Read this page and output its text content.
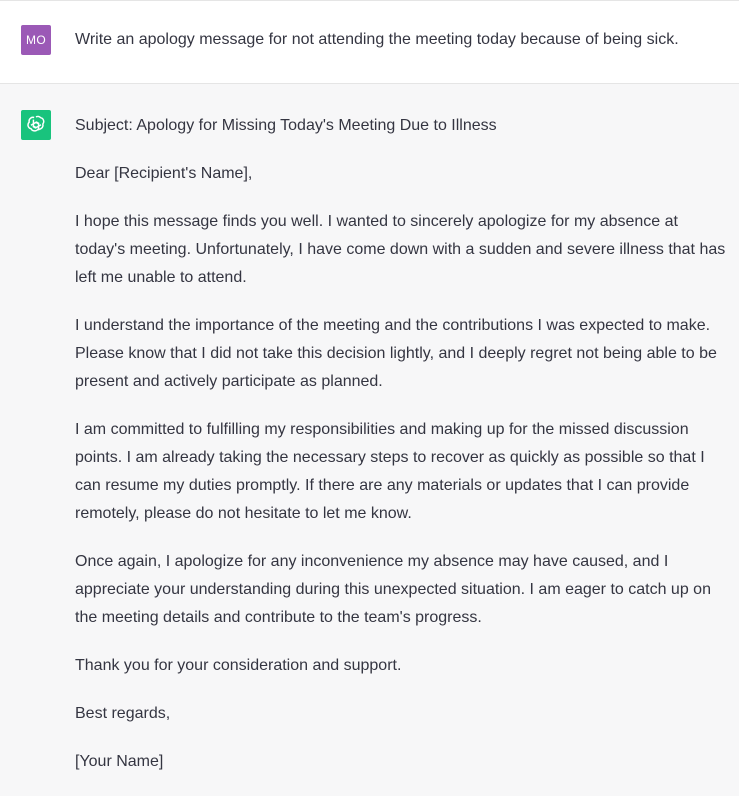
MO	Write an apology message for not attending the meeting today because of being sick.

Subject: Apology for Missing Today's Meeting Due to Illness

Dear [Recipient's Name],

I hope this message finds you well. I wanted to sincerely apologize for my absence at today's meeting. Unfortunately, I have come down with a sudden and severe illness that has left me unable to attend.

I understand the importance of the meeting and the contributions I was expected to make. Please know that I did not take this decision lightly, and I deeply regret not being able to be present and actively participate as planned.

I am committed to fulfilling my responsibilities and making up for the missed discussion points. I am already taking the necessary steps to recover as quickly as possible so that I can resume my duties promptly. If there are any materials or updates that I can provide remotely, please do not hesitate to let me know.

Once again, I apologize for any inconvenience my absence may have caused, and I appreciate your understanding during this unexpected situation. I am eager to catch up on the meeting details and contribute to the team's progress.

Thank you for your consideration and support.

Best regards,

[Your Name]
